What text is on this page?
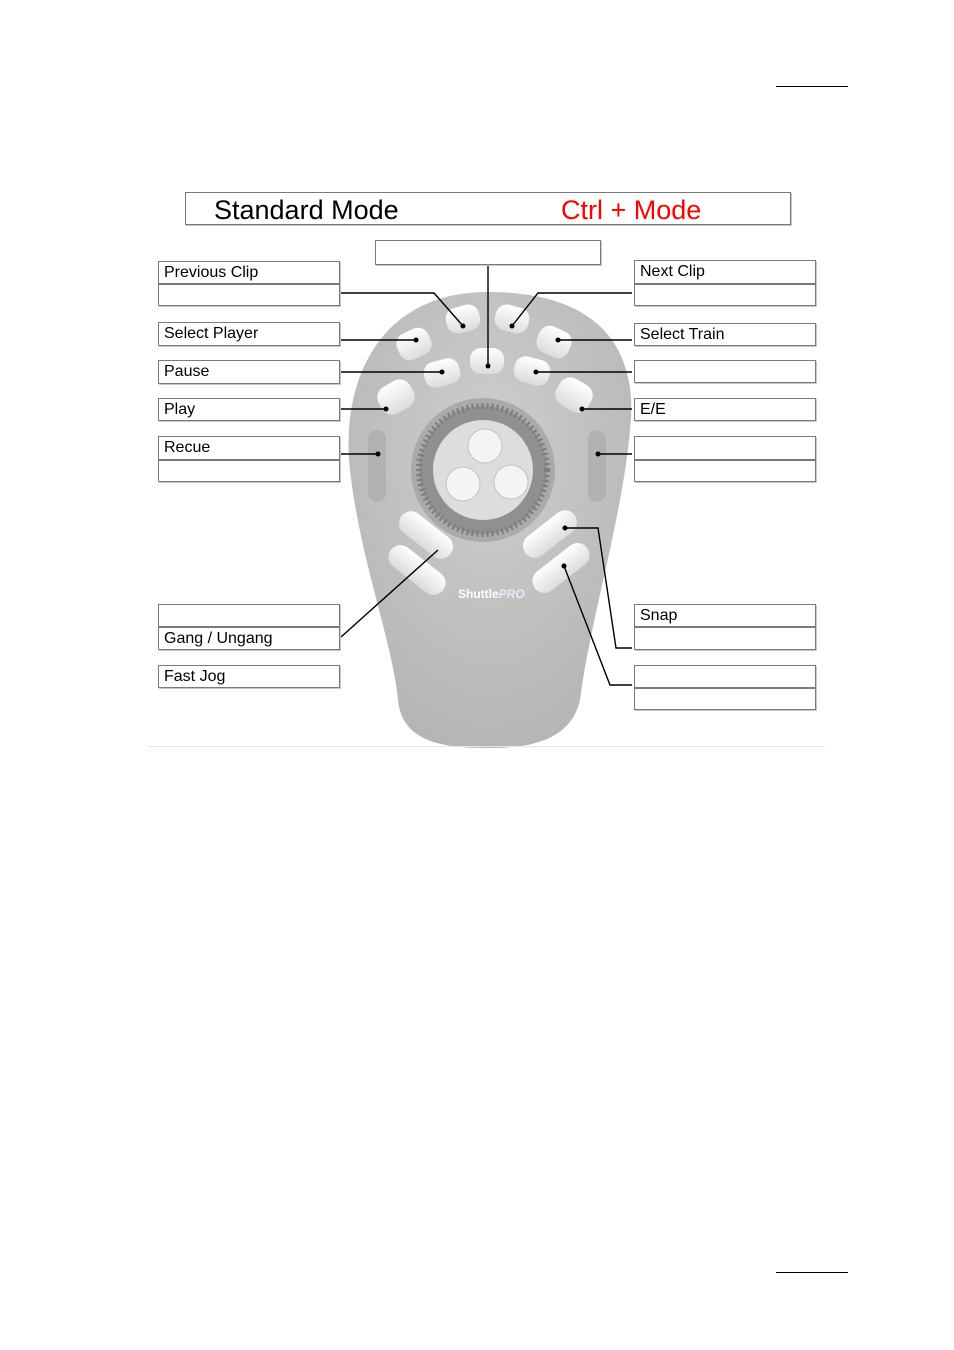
ShuttlePRO
Standard Mode	Ctrl + Mode
Previous Clip
Select Player
Pause
Play
Recue
Gang / Ungang
Fast Jog
Next Clip
Select Train
E/E
Snap
